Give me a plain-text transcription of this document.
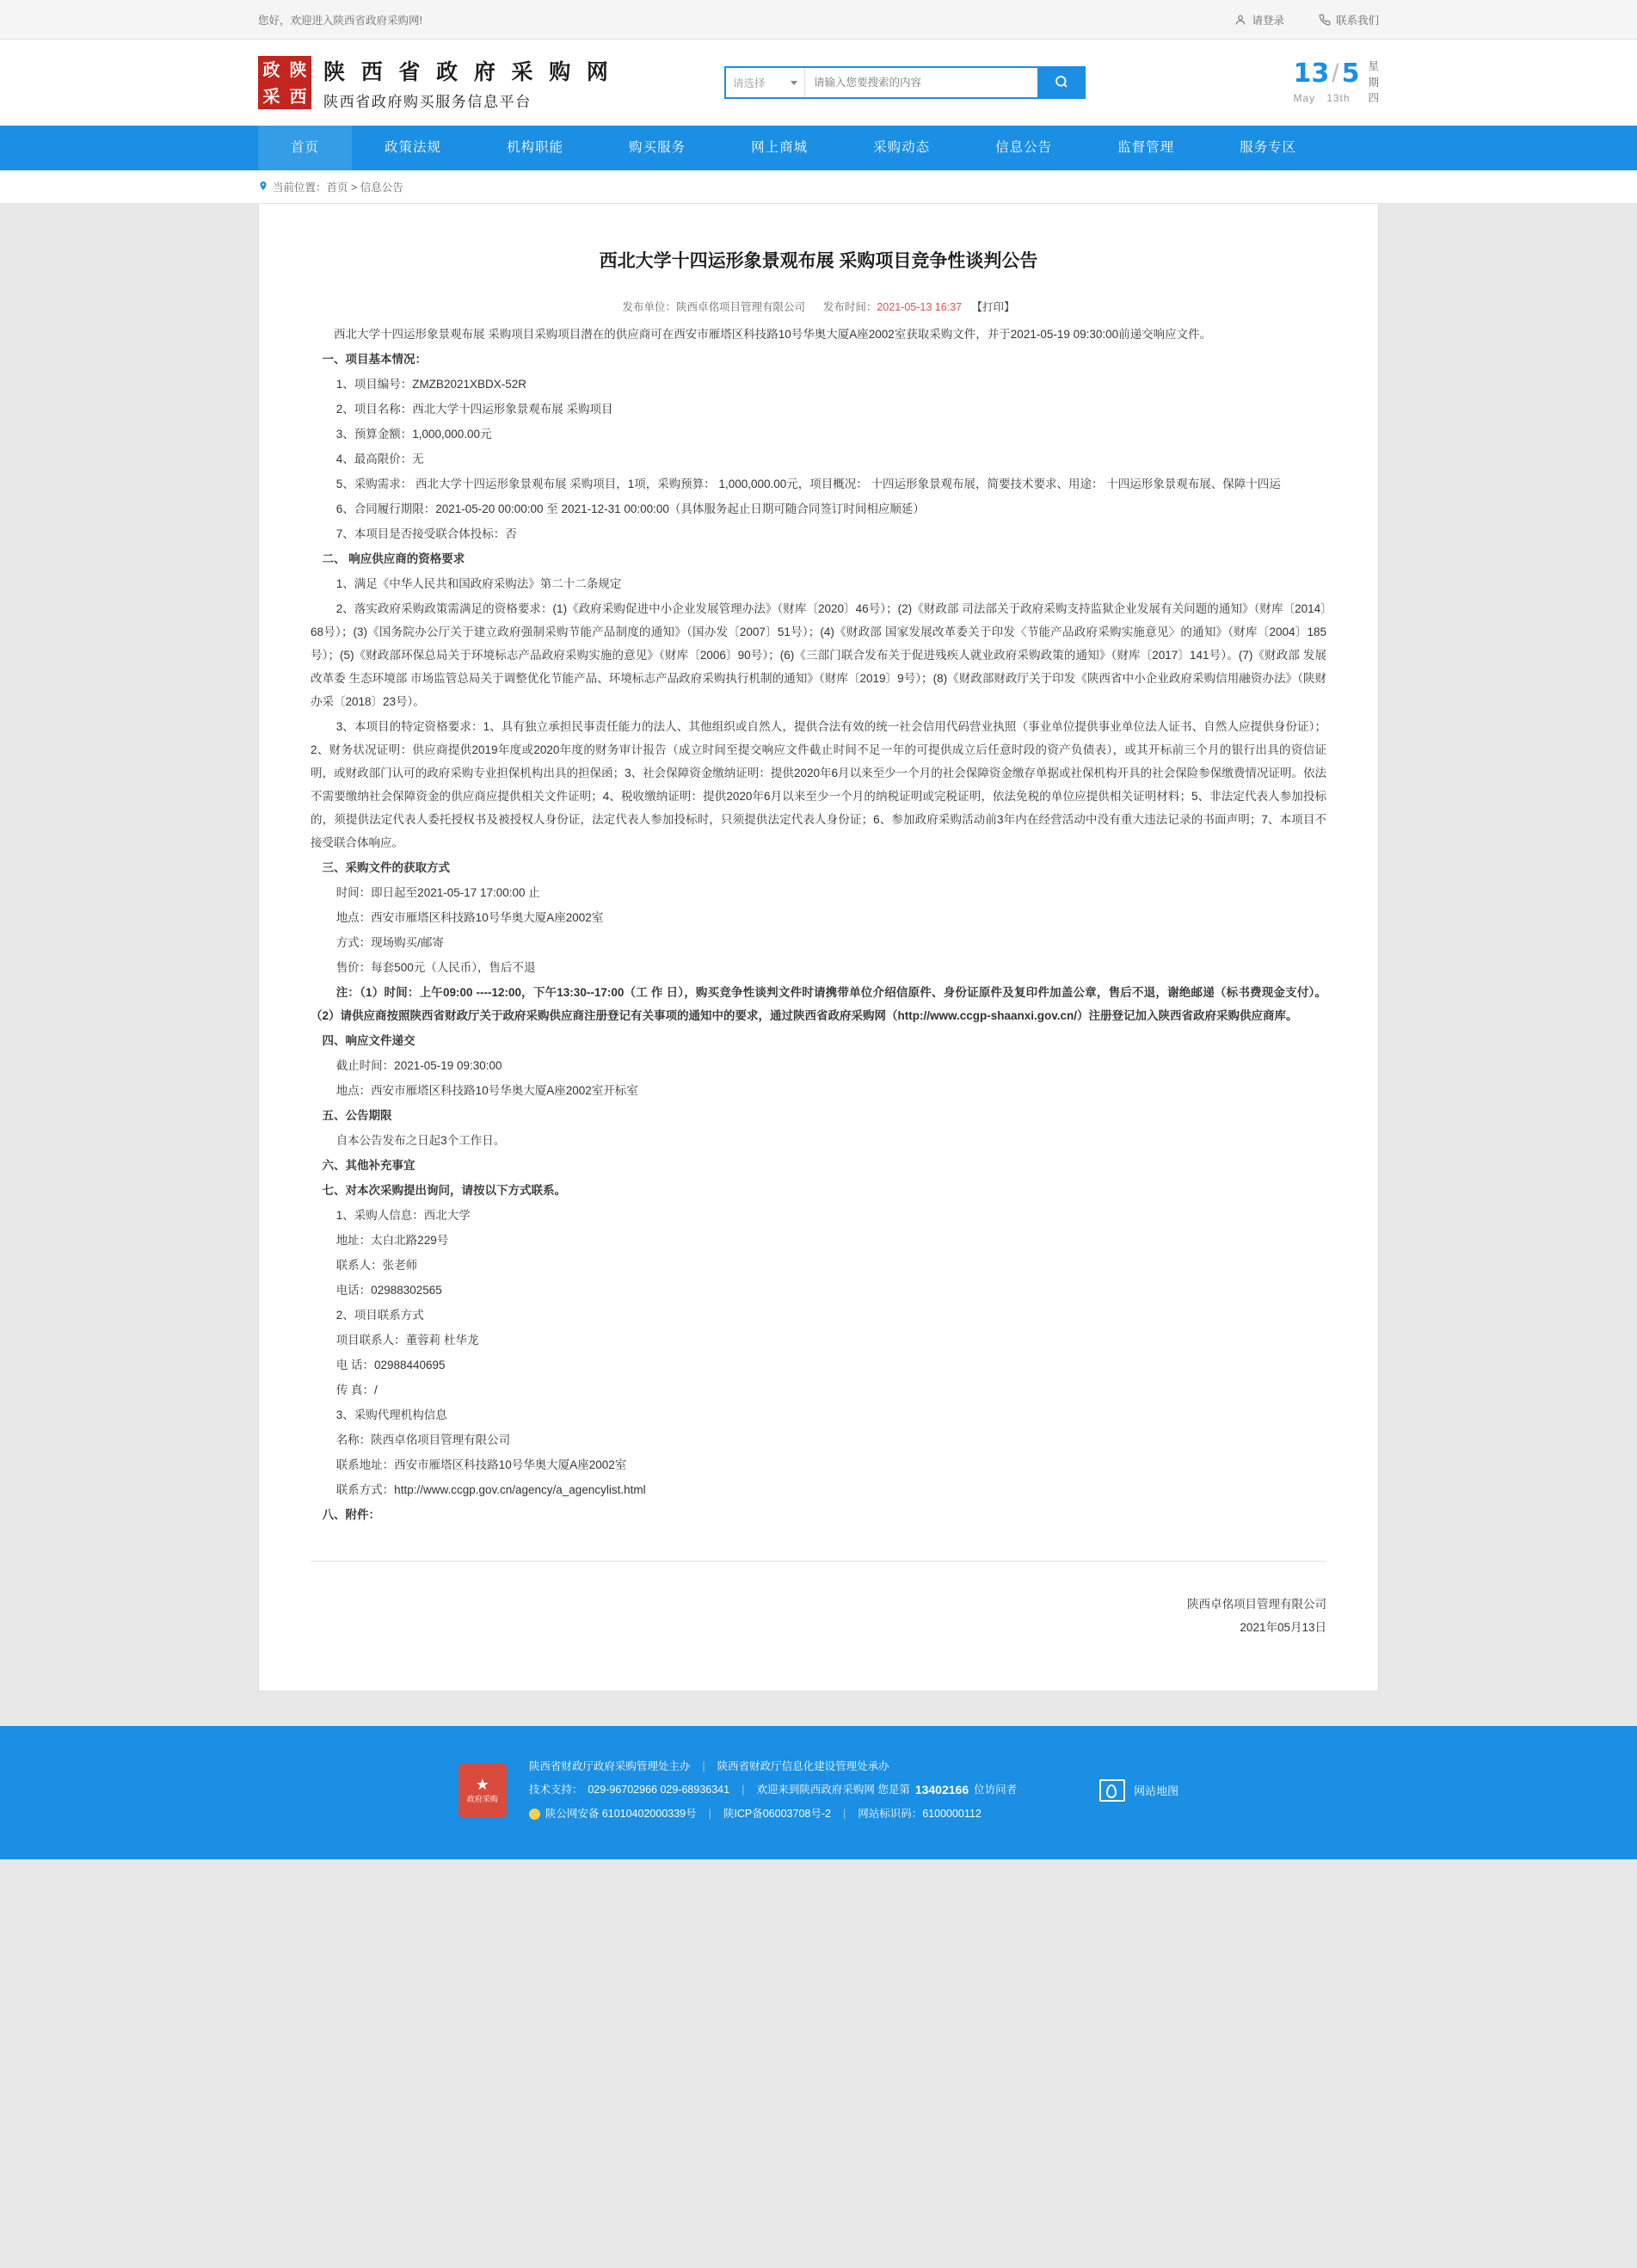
您好，欢迎进入陕西省政府采购网!	请登录	联系我们
政 陕
采 西
陕 西 省 政 府 采 购 网
陕西省政府购买服务信息平台
请选择
请输入您要搜索的内容	13 / 5
May 13th
星
期
四
首页	政策法规	机构职能	购买服务	网上商城	采购动态	信息公告	监督管理	服务专区
当前位置：首页 > 信息公告
西北大学十四运形象景观布展 采购项目竞争性谈判公告
发布单位：陕西卓佲项目管理有限公司 发布时间：2021-05-13 16:37 【打印】

西北大学十四运形象景观布展 采购项目采购项目潜在的供应商可在西安市雁塔区科技路10号华奥大厦A座2002室获取采购文件，并于2021-05-19 09:30:00前递交响应文件。

一、项目基本情况：

1、项目编号：ZMZB2021XBDX-52R

2、项目名称：西北大学十四运形象景观布展 采购项目

3、预算金额：1,000,000.00元

4、最高限价：无

5、采购需求： 西北大学十四运形象景观布展 采购项目，1项，采购预算： 1,000,000.00元，项目概况： 十四运形象景观布展，简要技术要求、用途： 十四运形象景观布展、保障十四运

6、合同履行期限：2021-05-20 00:00:00 至 2021-12-31 00:00:00（具体服务起止日期可随合同签订时间相应顺延）

7、本项目是否接受联合体投标：否

二、 响应供应商的资格要求

1、满足《中华人民共和国政府采购法》第二十二条规定

2、落实政府采购政策需满足的资格要求：(1)《政府采购促进中小企业发展管理办法》（财库〔2020〕46号）；(2)《财政部 司法部关于政府采购支持监狱企业发展有关问题的通知》（财库〔2014〕68号）；(3)《国务院办公厅关于建立政府强制采购节能产品制度的通知》（国办发〔2007〕51号）；(4)《财政部 国家发展改革委关于印发〈节能产品政府采购实施意见〉的通知》（财库〔2004〕185号）；(5)《财政部环保总局关于环境标志产品政府采购实施的意见》（财库〔2006〕90号）；(6)《三部门联合发布关于促进残疾人就业政府采购政策的通知》（财库〔2017〕141号）。(7)《财政部 发展改革委 生态环境部 市场监管总局关于调整优化节能产品、环境标志产品政府采购执行机制的通知》（财库〔2019〕9号）；(8)《财政部财政厅关于印发《陕西省中小企业政府采购信用融资办法》（陕财办采〔2018〕23号）。

3、本项目的特定资格要求：1、具有独立承担民事责任能力的法人、其他组织或自然人，提供合法有效的统一社会信用代码营业执照（事业单位提供事业单位法人证书、自然人应提供身份证）；2、财务状况证明：供应商提供2019年度或2020年度的财务审计报告（成立时间至提交响应文件截止时间不足一年的可提供成立后任意时段的资产负债表），或其开标前三个月的银行出具的资信证明，或财政部门认可的政府采购专业担保机构出具的担保函；3、社会保障资金缴纳证明：提供2020年6月以来至少一个月的社会保障资金缴存单据或社保机构开具的社会保险参保缴费情况证明。依法不需要缴纳社会保障资金的供应商应提供相关文件证明；4、税收缴纳证明：提供2020年6月以来至少一个月的纳税证明或完税证明，依法免税的单位应提供相关证明材料；5、非法定代表人参加投标的，须提供法定代表人委托授权书及被授权人身份证，法定代表人参加投标时，只须提供法定代表人身份证；6、参加政府采购活动前3年内在经营活动中没有重大违法记录的书面声明；7、本项目不接受联合体响应。

三、采购文件的获取方式

时间：即日起至2021-05-17 17:00:00 止

地点：西安市雁塔区科技路10号华奥大厦A座2002室

方式：现场购买/邮寄

售价：每套500元（人民币），售后不退

注：（1）时间：上午09:00 ----12:00，下午13:30--17:00（工 作 日），购买竞争性谈判文件时请携带单位介绍信原件、身份证原件及复印件加盖公章，售后不退，谢绝邮递（标书费现金支付）。（2）请供应商按照陕西省财政厅关于政府采购供应商注册登记有关事项的通知中的要求，通过陕西省政府采购网（http://www.ccgp-shaanxi.gov.cn/）注册登记加入陕西省政府采购供应商库。

四、响应文件递交

截止时间：2021-05-19 09:30:00

地点：西安市雁塔区科技路10号华奥大厦A座2002室开标室

五、公告期限

自本公告发布之日起3个工作日。

六、其他补充事宜

七、对本次采购提出询问，请按以下方式联系。

1、采购人信息：西北大学

地址：太白北路229号

联系人：张老师

电话：02988302565

2、项目联系方式

项目联系人：董蓉莉 杜华龙

电 话：02988440695

传 真：/

3、采购代理机构信息

名称：陕西卓佲项目管理有限公司

联系地址：西安市雁塔区科技路10号华奥大厦A座2002室

联系方式：http://www.ccgp.gov.cn/agency/a_agencylist.html

八、附件：

陕西卓佲项目管理有限公司
2021年05月13日
★
政府采购
陕西省财政厅政府采购管理处主办	|	陕西省财政厅信息化建设管理处承办
技术支持： 029-96702966 029-68936341	|	欢迎来到陕西政府采购网 您是第 13402166 位访问者
陕公网安备 61010402000339号	|	陕ICP备06003708号-2	|	网站标识码：6100000112
网站地图
